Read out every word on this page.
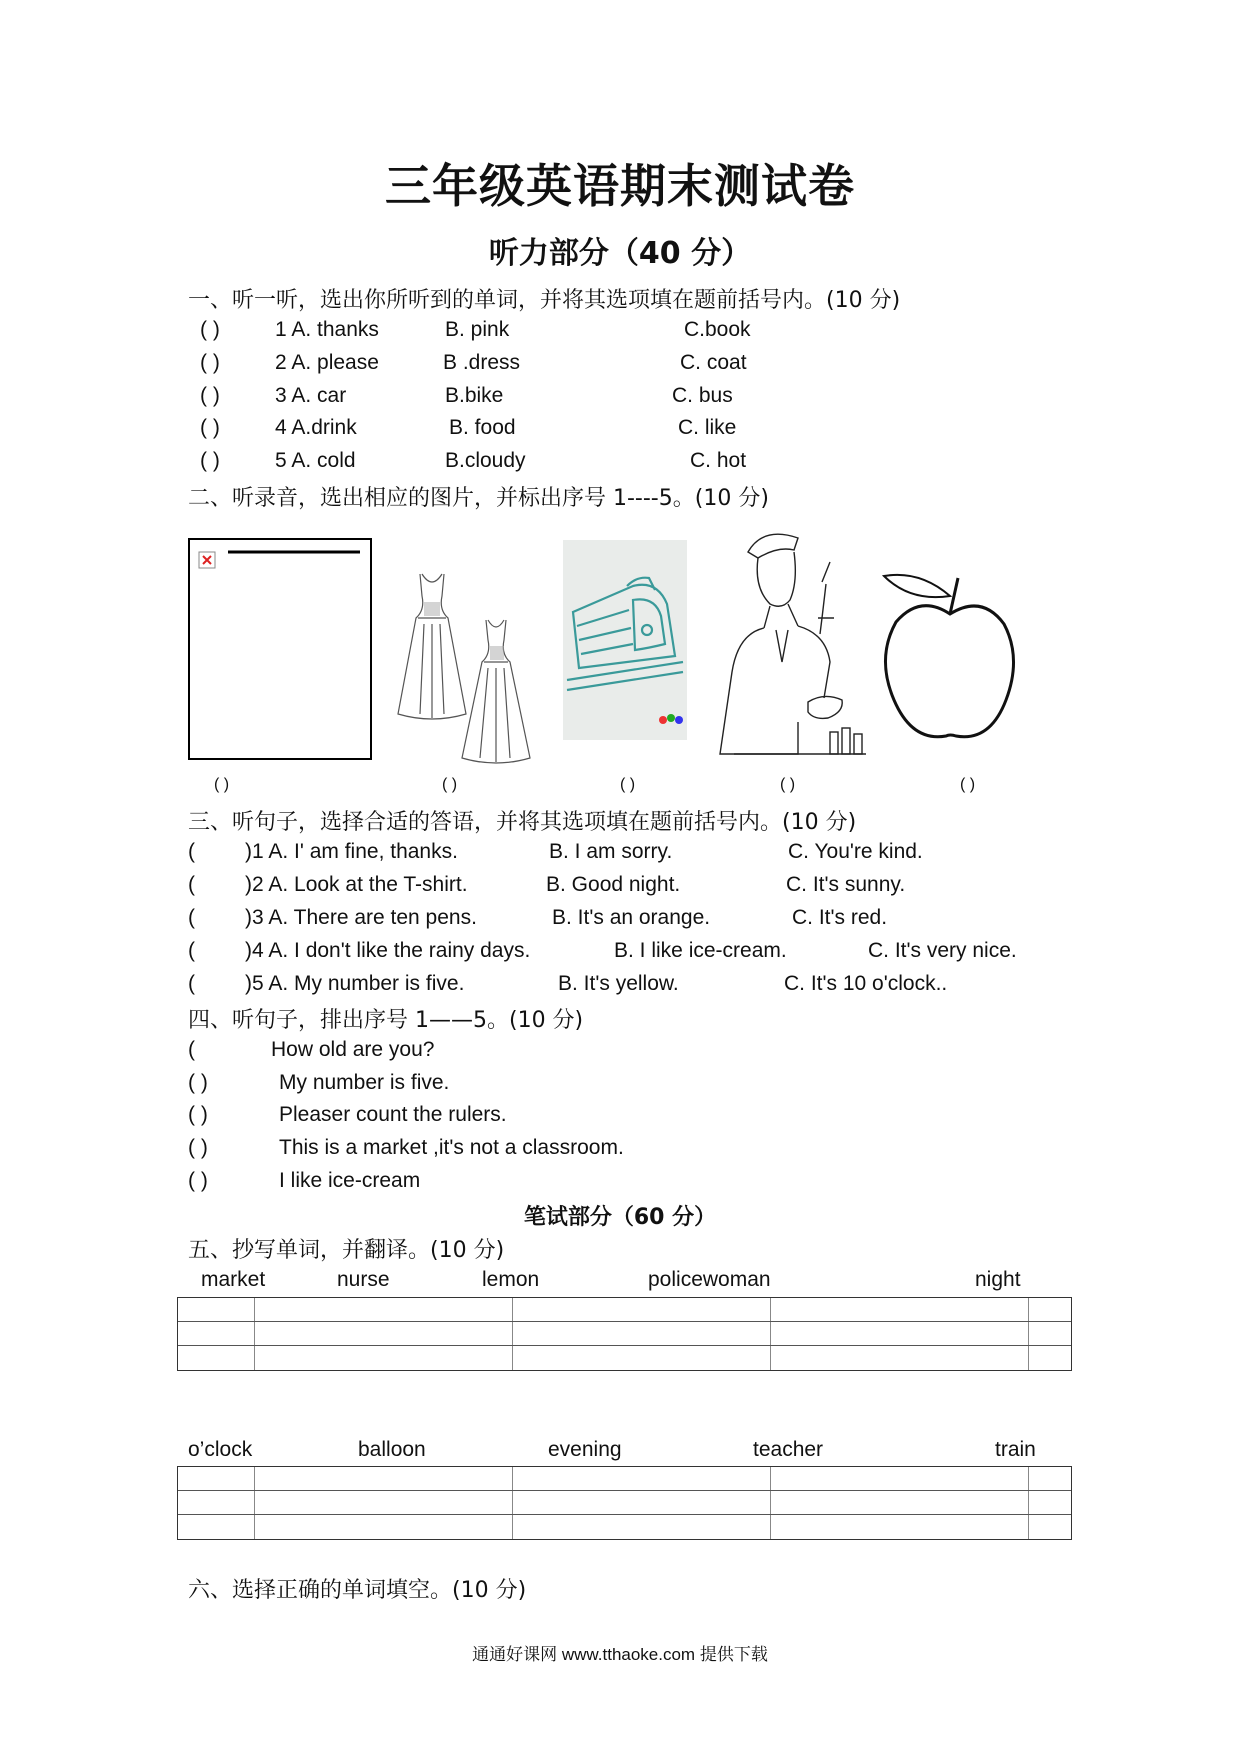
三年级英语期末测试卷
听力部分（40 分）
一、听一听，选出你所听到的单词，并将其选项填在题前括号内。(10 分)
( )	1 A. thanks	B. pink	C.book
( )	2 A. please	B .dress	C. coat
( )	3 A. car	B.bike	C. bus
( )	4 A.drink	B. food	C. like
( )	5 A. cold	B.cloudy	C. hot
二、听录音，选出相应的图片，并标出序号 1----5。(10 分)
( )	( )	( )	( )	( )
三、听句子，选择合适的答语，并将其选项填在题前括号内。(10 分)
( )1 A. I' am fine, thanks.	B. I am sorry.	C. You're kind.
( )2 A. Look at the T-shirt.	B. Good night.	C. It's sunny.
( )3 A. There are ten pens.	B. It's an orange.	C. It's red.
( )4 A. I don't like the rainy days.	B. I like ice-cream.	C. It's very nice.
( )5 A. My number is five.	B. It's yellow.	C. It's 10 o'clock..
四、听句子，排出序号 1——5。(10 分)
(	How old are you?
( )	My number is five.
( )	Pleaser count the rulers.
( )	This is a market ,it's not a classroom.
( )	I like ice-cream
笔试部分（60 分）
五、抄写单词，并翻译。(10 分)
market	nurse	lemon	policewoman	night
o’clock	balloon	evening	teacher	train
六、选择正确的单词填空。(10 分)
通通好课网 www.tthaoke.com 提供下载
